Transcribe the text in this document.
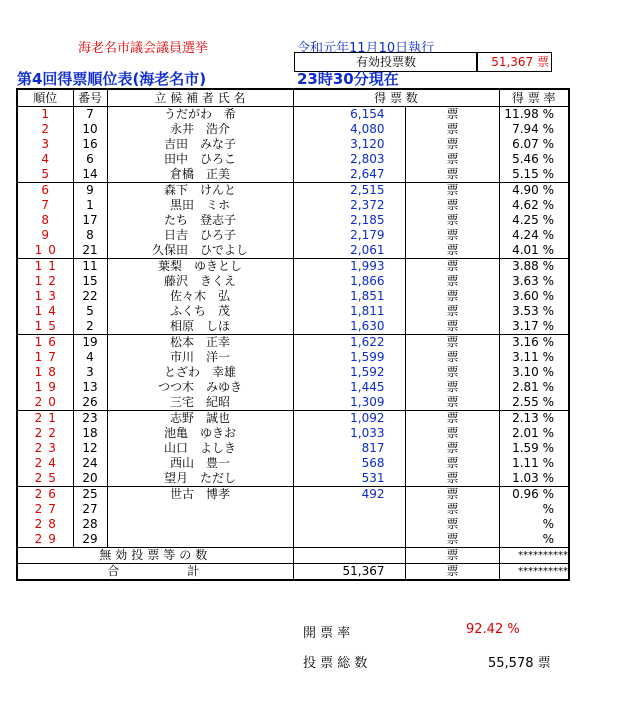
海老名市議会議員選挙	令和元年11月10日執行
有効投票数	51,367 票
第4回得票順位表(海老名市)	23時30分現在
順位	番号	立 候 補 者 氏 名	得 票 数		得 票 率
1	7	うだがわ　希	6,154	票	11.98 %
2	10	永井　浩介	4,080	票	7.94 %
3	16	吉田　みな子	3,120	票	6.07 %
4	6	田中　ひろこ	2,803	票	5.46 %
5	14	倉橋　正美	2,647	票	5.15 %
6	9	森下　けんと	2,515	票	4.90 %
7	1	黒田　ミホ	2,372	票	4.62 %
8	17	たち　登志子	2,185	票	4.25 %
9	8	日吉　ひろ子	2,179	票	4.24 %
10	21	久保田　ひでよし	2,061	票	4.01 %
11	11	葉梨　ゆきとし	1,993	票	3.88 %
12	15	藤沢　きくえ	1,866	票	3.63 %
13	22	佐々木　弘	1,851	票	3.60 %
14	5	ふくち　茂	1,811	票	3.53 %
15	2	相原　しほ	1,630	票	3.17 %
16	19	松本　正幸	1,622	票	3.16 %
17	4	市川　洋一	1,599	票	3.11 %
18	3	とざわ　幸雄	1,592	票	3.10 %
19	13	つつ木　みゆき	1,445	票	2.81 %
20	26	三宅　紀昭	1,309	票	2.55 %
21	23	志野　誠也	1,092	票	2.13 %
22	18	池亀　ゆきお	1,033	票	2.01 %
23	12	山口　よしき	817	票	1.59 %
24	24	西山　豊一	568	票	1.11 %
25	20	望月　ただし	531	票	1.03 %
26	25	世古　博孝	492	票	0.96 %
27	27			票	%
28	28			票	%
29	29			票	%
無効投票等の数				票	**********
合　　　　計			51,367	票	**********
開 票 率	92.42 %
投 票 総 数	55,578 票
